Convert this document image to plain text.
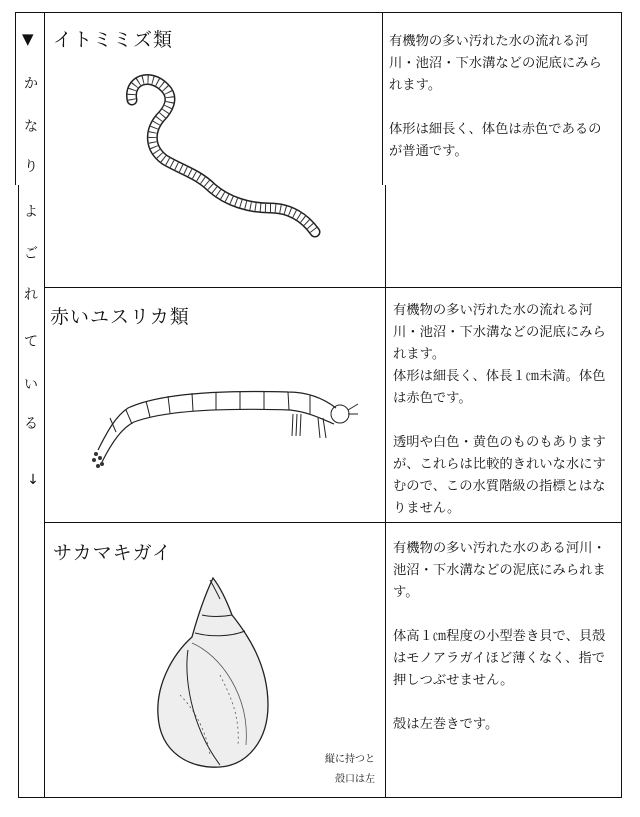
▼
か
な
り
よ
ご
れ
て
い
る
↓
イトミミズ類	有機物の多い汚れた水の流れる河川・池沼・下水溝などの泥底にみられます。

体形は細長く、体色は赤色であるのが普通です。

赤いユスリカ類	有機物の多い汚れた水の流れる河川・池沼・下水溝などの泥底にみられます。

体形は細長く、体長１㎝未満。体色は赤色です。

透明や白色・黄色のものもありますが、これらは比較的きれいな水にすむので、この水質階級の指標とはなりません。

サカマキガイ
縦に持つと
殻口は左

有機物の多い汚れた水のある河川・池沼・下水溝などの泥底にみられます。

体高１㎝程度の小型巻き貝で、貝殻はモノアラガイほど薄くなく、指で押しつぶせません。

殻は左巻きです。
